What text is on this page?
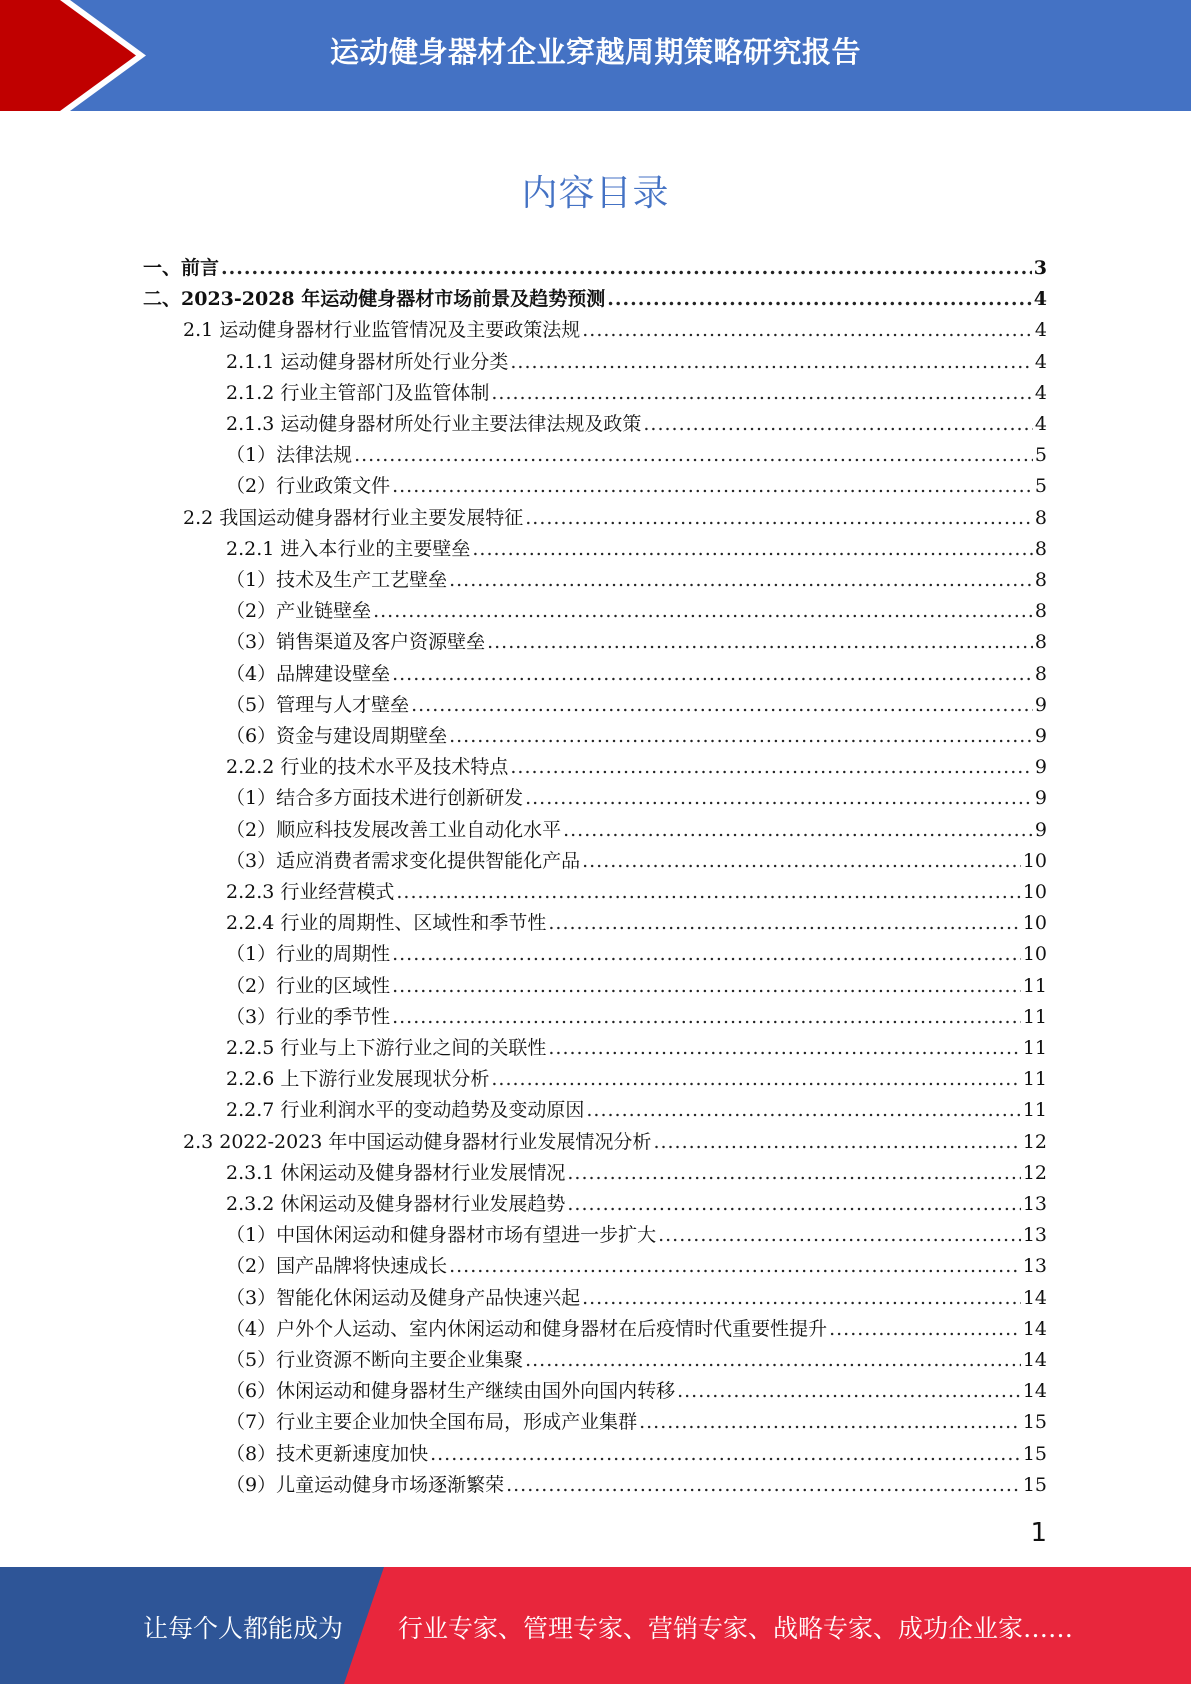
运动健身器材企业穿越周期策略研究报告
内容目录
一、前言 .....	3
二、2023-2028 年运动健身器材市场前景及趋势预测 .....	4
2.1 运动健身器材行业监管情况及主要政策法规 .....	4
2.1.1 运动健身器材所处行业分类 .....	4
2.1.2 行业主管部门及监管体制 .....	4
2.1.3 运动健身器材所处行业主要法律法规及政策 .....	4
（1）法律法规 .....	5
（2）行业政策文件 .....	5
2.2 我国运动健身器材行业主要发展特征 .....	8
2.2.1 进入本行业的主要壁垒 .....	8
（1）技术及生产工艺壁垒 .....	8
（2）产业链壁垒 .....	8
（3）销售渠道及客户资源壁垒 .....	8
（4）品牌建设壁垒 .....	8
（5）管理与人才壁垒 .....	9
（6）资金与建设周期壁垒 .....	9
2.2.2 行业的技术水平及技术特点 .....	9
（1）结合多方面技术进行创新研发 .....	9
（2）顺应科技发展改善工业自动化水平 .....	9
（3）适应消费者需求变化提供智能化产品 .....	10
2.2.3 行业经营模式 .....	10
2.2.4 行业的周期性、区域性和季节性 .....	10
（1）行业的周期性 .....	10
（2）行业的区域性 .....	11
（3）行业的季节性 .....	11
2.2.5 行业与上下游行业之间的关联性 .....	11
2.2.6 上下游行业发展现状分析 .....	11
2.2.7 行业利润水平的变动趋势及变动原因 .....	11
2.3 2022-2023 年中国运动健身器材行业发展情况分析 .....	12
2.3.1 休闲运动及健身器材行业发展情况 .....	12
2.3.2 休闲运动及健身器材行业发展趋势 .....	13
（1）中国休闲运动和健身器材市场有望进一步扩大 .....	13
（2）国产品牌将快速成长 .....	13
（3）智能化休闲运动及健身产品快速兴起 .....	14
（4）户外个人运动、室内休闲运动和健身器材在后疫情时代重要性提升 .....	14
（5）行业资源不断向主要企业集聚 .....	14
（6）休闲运动和健身器材生产继续由国外向国内转移 .....	14
（7）行业主要企业加快全国布局，形成产业集群 .....	15
（8）技术更新速度加快 .....	15
（9）儿童运动健身市场逐渐繁荣 .....	15
1
让每个人都能成为 行业专家、管理专家、营销专家、战略专家、成功企业家……
